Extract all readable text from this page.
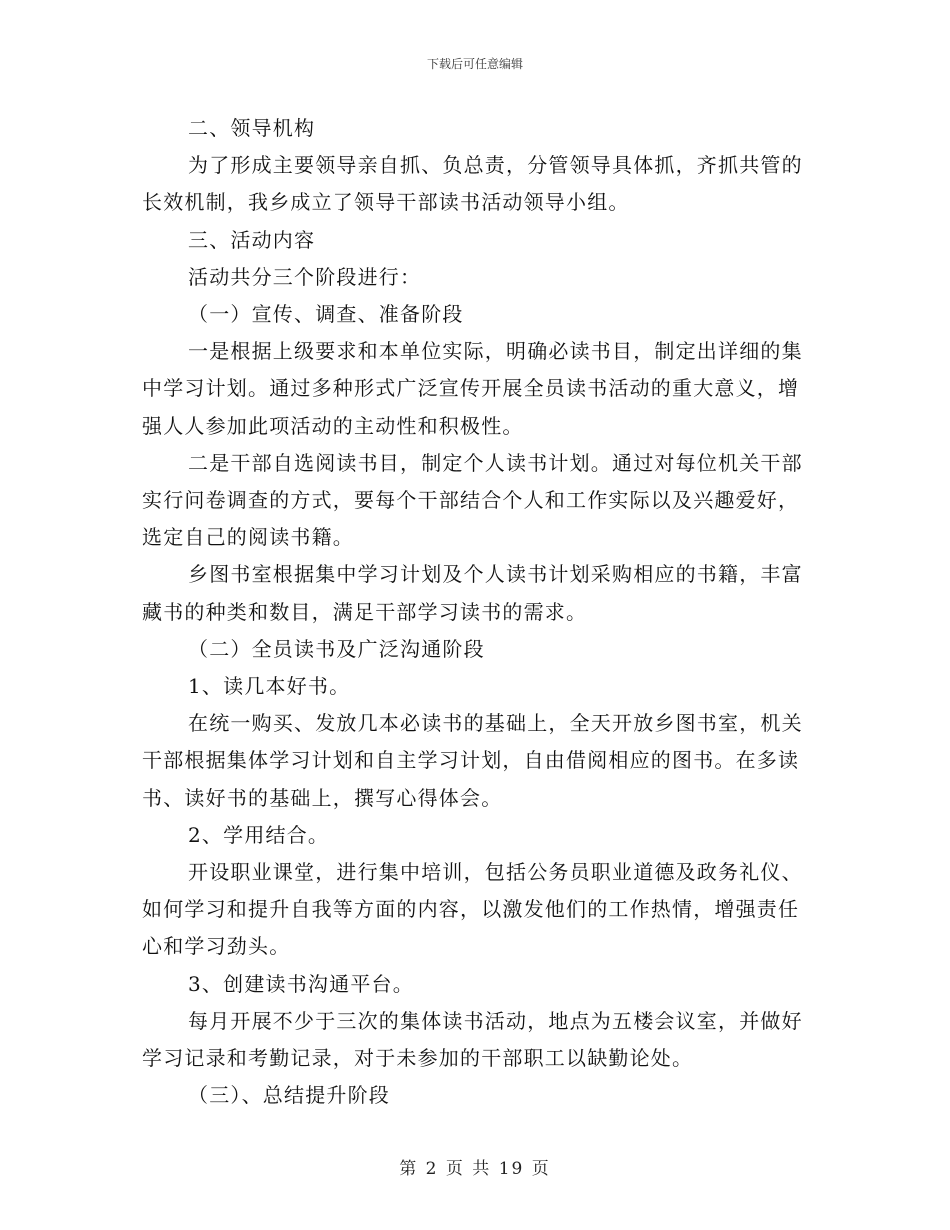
下载后可任意编辑

二、领导机构

为了形成主要领导亲自抓、负总责，分管领导具体抓，齐抓共管的长效机制，我乡成立了领导干部读书活动领导小组。

三、活动内容

活动共分三个阶段进行：

（一）宣传、调查、准备阶段

一是根据上级要求和本单位实际，明确必读书目，制定出详细的集中学习计划。通过多种形式广泛宣传开展全员读书活动的重大意义，增强人人参加此项活动的主动性和积极性。

二是干部自选阅读书目，制定个人读书计划。通过对每位机关干部实行问卷调查的方式，要每个干部结合个人和工作实际以及兴趣爱好，选定自己的阅读书籍。

乡图书室根据集中学习计划及个人读书计划采购相应的书籍，丰富藏书的种类和数目，满足干部学习读书的需求。

（二）全员读书及广泛沟通阶段

1、读几本好书。

在统一购买、发放几本必读书的基础上，全天开放乡图书室，机关干部根据集体学习计划和自主学习计划，自由借阅相应的图书。在多读书、读好书的基础上，撰写心得体会。

2、学用结合。

开设职业课堂，进行集中培训，包括公务员职业道德及政务礼仪、如何学习和提升自我等方面的内容，以激发他们的工作热情，增强责任心和学习劲头。

3、创建读书沟通平台。

每月开展不少于三次的集体读书活动，地点为五楼会议室，并做好学习记录和考勤记录，对于未参加的干部职工以缺勤论处。

（三）、总结提升阶段

第 2 页 共 19 页
